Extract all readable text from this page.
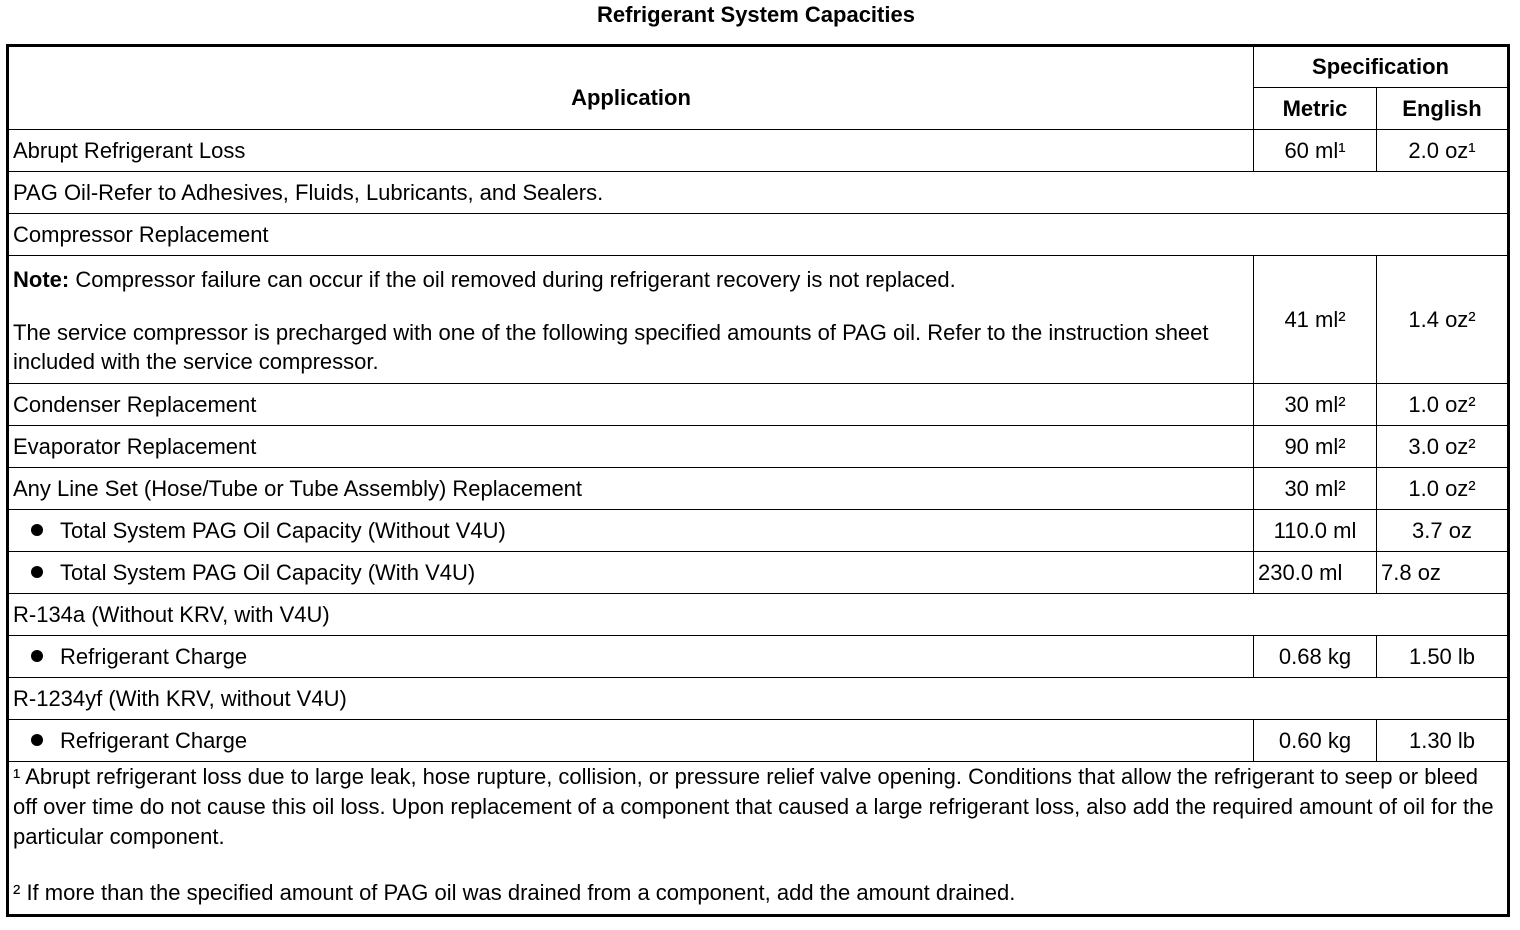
Refrigerant System Capacities
Application	Specification	
	Metric	English
Abrupt Refrigerant Loss	60 ml¹	2.0 oz¹
PAG Oil-Refer to Adhesives, Fluids, Lubricants, and Sealers.		
Compressor Replacement		

Note: Compressor failure can occur if the oil removed during refrigerant recovery is not replaced.

The service compressor is precharged with one of the following specified amounts of PAG oil. Refer to the instruction sheet included with the service compressor.	41 ml²	1.4 oz²
Condenser Replacement	30 ml²	1.0 oz²
Evaporator Replacement	90 ml²	3.0 oz²
Any Line Set (Hose/Tube or Tube Assembly) Replacement	30 ml²	1.0 oz²
Total System PAG Oil Capacity (Without V4U)	110.0 ml	3.7 oz
Total System PAG Oil Capacity (With V4U)	230.0 ml	7.8 oz
R-134a (Without KRV, with V4U)		
Refrigerant Charge	0.68 kg	1.50 lb
R-1234yf (With KRV, without V4U)		
Refrigerant Charge	0.60 kg	1.30 lb

¹ Abrupt refrigerant loss due to large leak, hose rupture, collision, or pressure relief valve opening. Conditions that allow the refrigerant to seep or bleed off over time do not cause this oil loss. Upon replacement of a component that caused a large refrigerant loss, also add the required amount of oil for the particular component.

² If more than the specified amount of PAG oil was drained from a component, add the amount drained.		
